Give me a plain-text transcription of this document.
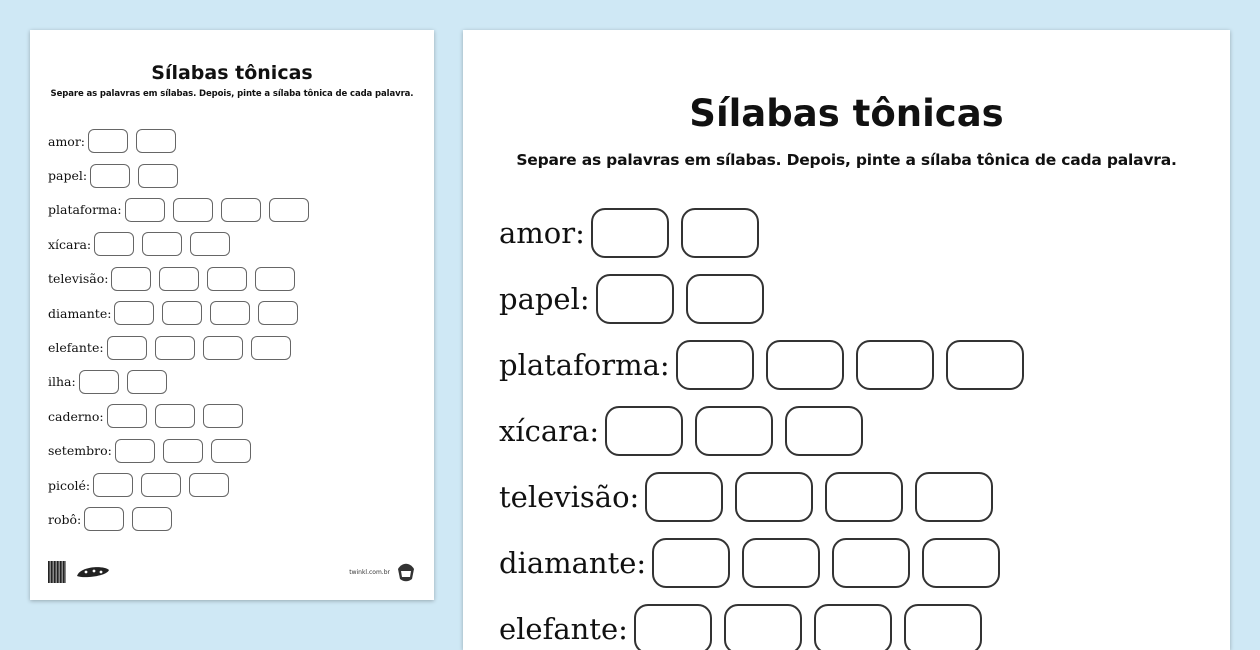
Sílabas tônicas
Separe as palavras em sílabas. Depois, pinte a sílaba tônica de cada palavra.
amor:
papel:
plataforma:
xícara:
televisão:
diamante:
elefante:
ilha:
caderno:
setembro:
picolé:
robô:
twinkl.com.br
Sílabas tônicas
Separe as palavras em sílabas. Depois, pinte a sílaba tônica de cada palavra.
amor:
papel:
plataforma:
xícara:
televisão:
diamante:
elefante:
